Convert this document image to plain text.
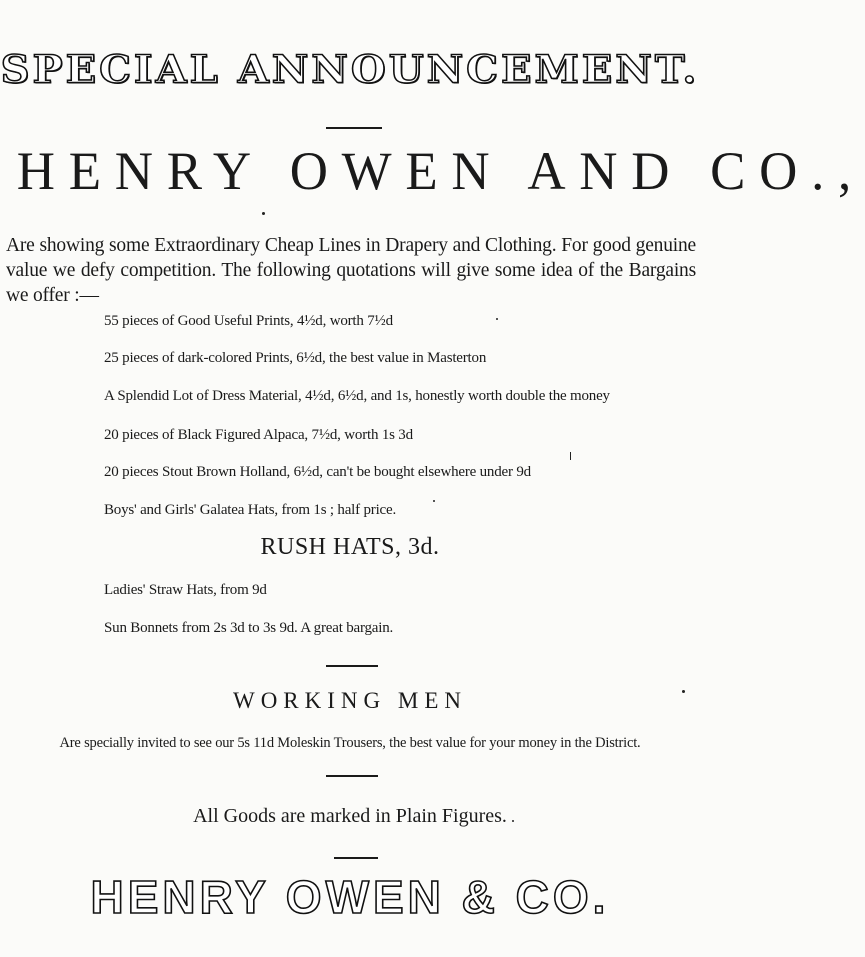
SPECIAL ANNOUNCEMENT.
HENRY OWEN AND CO.,
Are showing some Extraordinary Cheap Lines in Drapery and Clothing. For good genuine value we defy competition. The following quotations will give some idea of the Bargains we offer :—
55 pieces of Good Useful Prints, 4½d, worth 7½d
25 pieces of dark-colored Prints, 6½d, the best value in Masterton
A Splendid Lot of Dress Material, 4½d, 6½d, and 1s, honestly worth double the money
20 pieces of Black Figured Alpaca, 7½d, worth 1s 3d
20 pieces Stout Brown Holland, 6½d, can't be bought elsewhere under 9d
Boys' and Girls' Galatea Hats, from 1s ; half price.
RUSH HATS, 3d.
Ladies' Straw Hats, from 9d
Sun Bonnets from 2s 3d to 3s 9d. A great bargain.
WORKING MEN
Are specially invited to see our 5s 11d Moleskin Trousers, the best value for your money in the District.
All Goods are marked in Plain Figures.
HENRY OWEN & CO.
